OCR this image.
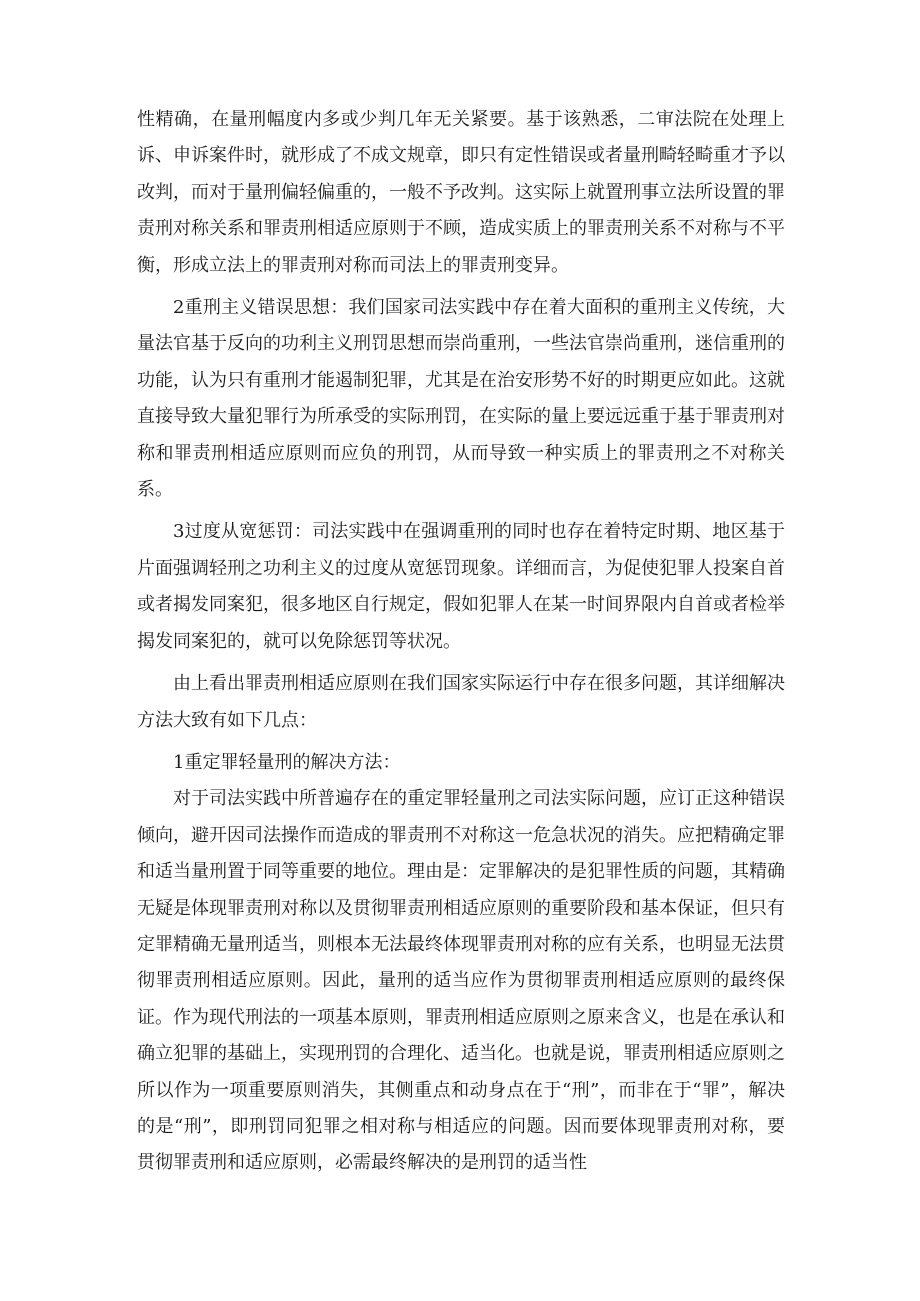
性精确，在量刑幅度内多或少判几年无关紧要。基于该熟悉，二审法院在处理上诉、申诉案件时，就形成了不成文规章，即只有定性错误或者量刑畸轻畸重才予以改判，而对于量刑偏轻偏重的，一般不予改判。这实际上就置刑事立法所设置的罪责刑对称关系和罪责刑相适应原则于不顾，造成实质上的罪责刑关系不对称与不平衡，形成立法上的罪责刑对称而司法上的罪责刑变异。

2重刑主义错误思想：我们国家司法实践中存在着大面积的重刑主义传统，大量法官基于反向的功利主义刑罚思想而崇尚重刑，一些法官崇尚重刑，迷信重刑的功能，认为只有重刑才能遏制犯罪，尤其是在治安形势不好的时期更应如此。这就直接导致大量犯罪行为所承受的实际刑罚，在实际的量上要远远重于基于罪责刑对称和罪责刑相适应原则而应负的刑罚，从而导致一种实质上的罪责刑之不对称关系。

3过度从宽惩罚：司法实践中在强调重刑的同时也存在着特定时期、地区基于片面强调轻刑之功利主义的过度从宽惩罚现象。详细而言，为促使犯罪人投案自首或者揭发同案犯，很多地区自行规定，假如犯罪人在某一时间界限内自首或者检举揭发同案犯的，就可以免除惩罚等状况。

由上看出罪责刑相适应原则在我们国家实际运行中存在很多问题，其详细解决方法大致有如下几点：

1重定罪轻量刑的解决方法：

对于司法实践中所普遍存在的重定罪轻量刑之司法实际问题，应订正这种错误倾向，避开因司法操作而造成的罪责刑不对称这一危急状况的消失。应把精确定罪和适当量刑置于同等重要的地位。理由是：定罪解决的是犯罪性质的问题，其精确无疑是体现罪责刑对称以及贯彻罪责刑相适应原则的重要阶段和基本保证，但只有定罪精确无量刑适当，则根本无法最终体现罪责刑对称的应有关系，也明显无法贯彻罪责刑相适应原则。因此，量刑的适当应作为贯彻罪责刑相适应原则的最终保证。作为现代刑法的一项基本原则，罪责刑相适应原则之原来含义，也是在承认和确立犯罪的基础上，实现刑罚的合理化、适当化。也就是说，罪责刑相适应原则之所以作为一项重要原则消失，其侧重点和动身点在于“刑”，而非在于“罪”，解决的是“刑”，即刑罚同犯罪之相对称与相适应的问题。因而要体现罪责刑对称，要贯彻罪责刑和适应原则，必需最终解决的是刑罚的适当性
